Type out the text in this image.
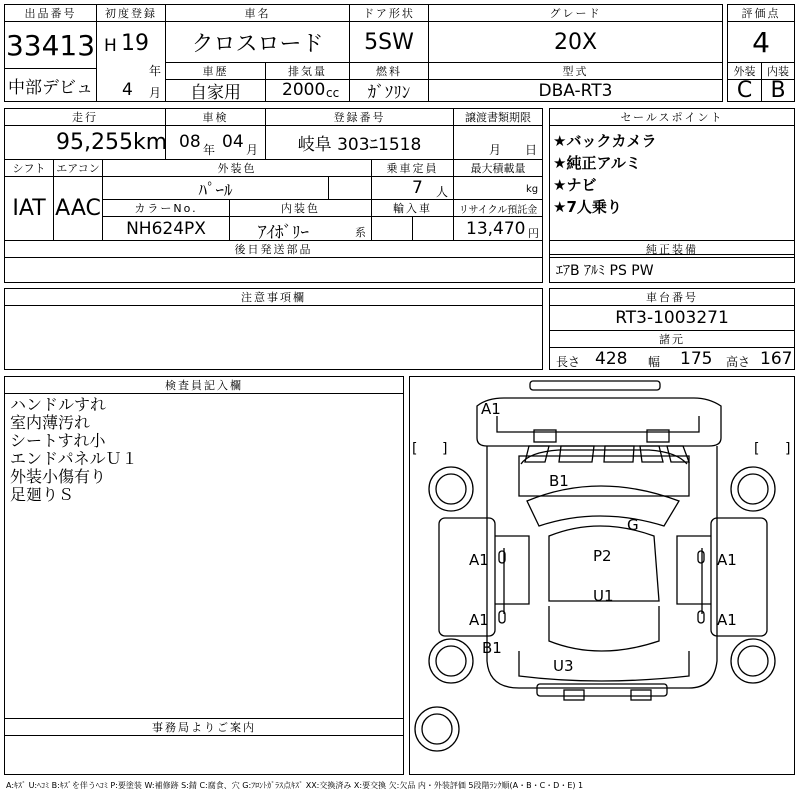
出品番号
33413
中部デビュ
初度登録
H 19
年
4 月
車名
クロスロード
ドア形状
5SW
グレード
20X
評価点
4
車歴
自家用
排気量
2000 cc
燃料
ｶﾞｿﾘﾝ
型式
DBA-RT3
外装
C
内装
B
走行
95,255 km
車検
08 年 04 月
登録番号
岐阜 303ﾆ1518
譲渡書類期限
月 日
セールスポイント
★バックカメラ
★純正アルミ
★ナビ
★7人乗り
シフト
IAT
エアコン
AAC
外装色
ﾊﾟｰﾙ
乗車定員
7 人
最大積載量
kg
カラーNo.
NH624PX
内装色
ｱｲﾎﾞﾘｰ	系
輸入車	リサイクル預託金
13,470 円
後日発送部品	純正装備
ｴｱB ｱﾙﾐ PS PW
注意事項欄	車台番号
RT3-1003271
諸元
長さ 428 幅 175 高さ 167
検査員記入欄
ハンドルすれ
室内薄汚れ
シートすれ小
エンドパネルＵ１
外装小傷有り
足廻りＳ
事務局よりご案内
A1
B1
G
P2
U1
A1	A1
A1	A1
B1
U3
[ ]	[ ]
A:ｷｽﾞ U:ﾍｺﾐ B:ｷｽﾞを伴うﾍｺﾐ P:要塗装 W:補修跡 S:錆 C:腐食、穴 G:ﾌﾛﾝﾄｶﾞﾗｽ点ｷｽﾞ XX:交換済み X:要交換 欠:欠品 内・外装評価 5段階ﾗﾝｸ順(A・B・C・D・E) 1
